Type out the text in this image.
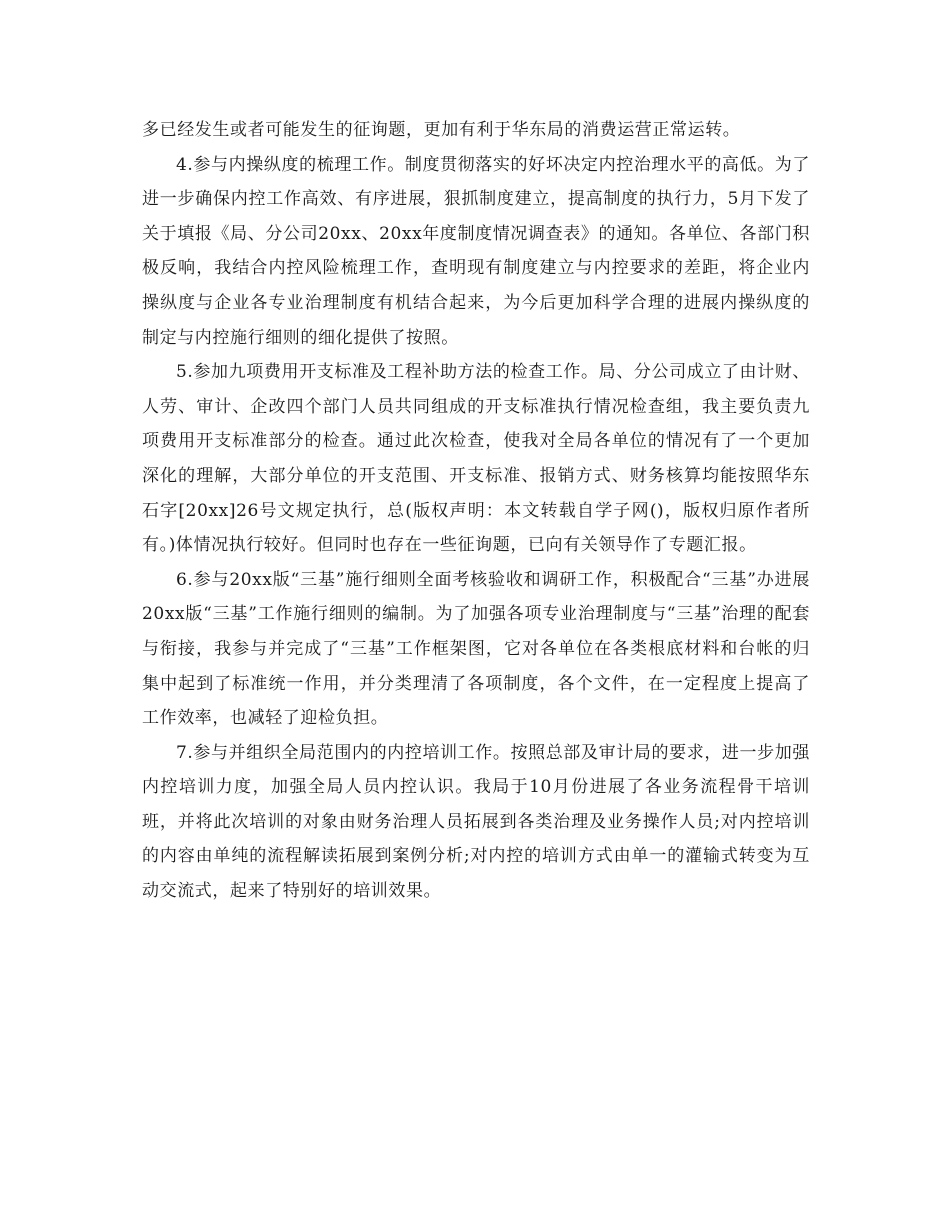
多已经发生或者可能发生的征询题，更加有利于华东局的消费运营正常运转。

4.参与内操纵度的梳理工作。制度贯彻落实的好坏决定内控治理水平的高低。为了进一步确保内控工作高效、有序进展，狠抓制度建立，提高制度的执行力，5月下发了关于填报《局、分公司20xx、20xx年度制度情况调查表》的通知。各单位、各部门积极反响，我结合内控风险梳理工作，查明现有制度建立与内控要求的差距，将企业内操纵度与企业各专业治理制度有机结合起来，为今后更加科学合理的进展内操纵度的制定与内控施行细则的细化提供了按照。

5.参加九项费用开支标准及工程补助方法的检查工作。局、分公司成立了由计财、人劳、审计、企改四个部门人员共同组成的开支标准执行情况检查组，我主要负责九项费用开支标准部分的检查。通过此次检查，使我对全局各单位的情况有了一个更加深化的理解，大部分单位的开支范围、开支标准、报销方式、财务核算均能按照华东石字[20xx]26号文规定执行，总(版权声明：本文转载自学子网()，版权归原作者所有。)体情况执行较好。但同时也存在一些征询题，已向有关领导作了专题汇报。

6.参与20xx版“三基”施行细则全面考核验收和调研工作，积极配合“三基”办进展20xx版“三基”工作施行细则的编制。为了加强各项专业治理制度与“三基”治理的配套与衔接，我参与并完成了“三基”工作框架图，它对各单位在各类根底材料和台帐的归集中起到了标准统一作用，并分类理清了各项制度，各个文件，在一定程度上提高了工作效率，也减轻了迎检负担。

7.参与并组织全局范围内的内控培训工作。按照总部及审计局的要求，进一步加强内控培训力度，加强全局人员内控认识。我局于10月份进展了各业务流程骨干培训班，并将此次培训的对象由财务治理人员拓展到各类治理及业务操作人员;对内控培训的内容由单纯的流程解读拓展到案例分析;对内控的培训方式由单一的灌输式转变为互动交流式，起来了特别好的培训效果。
